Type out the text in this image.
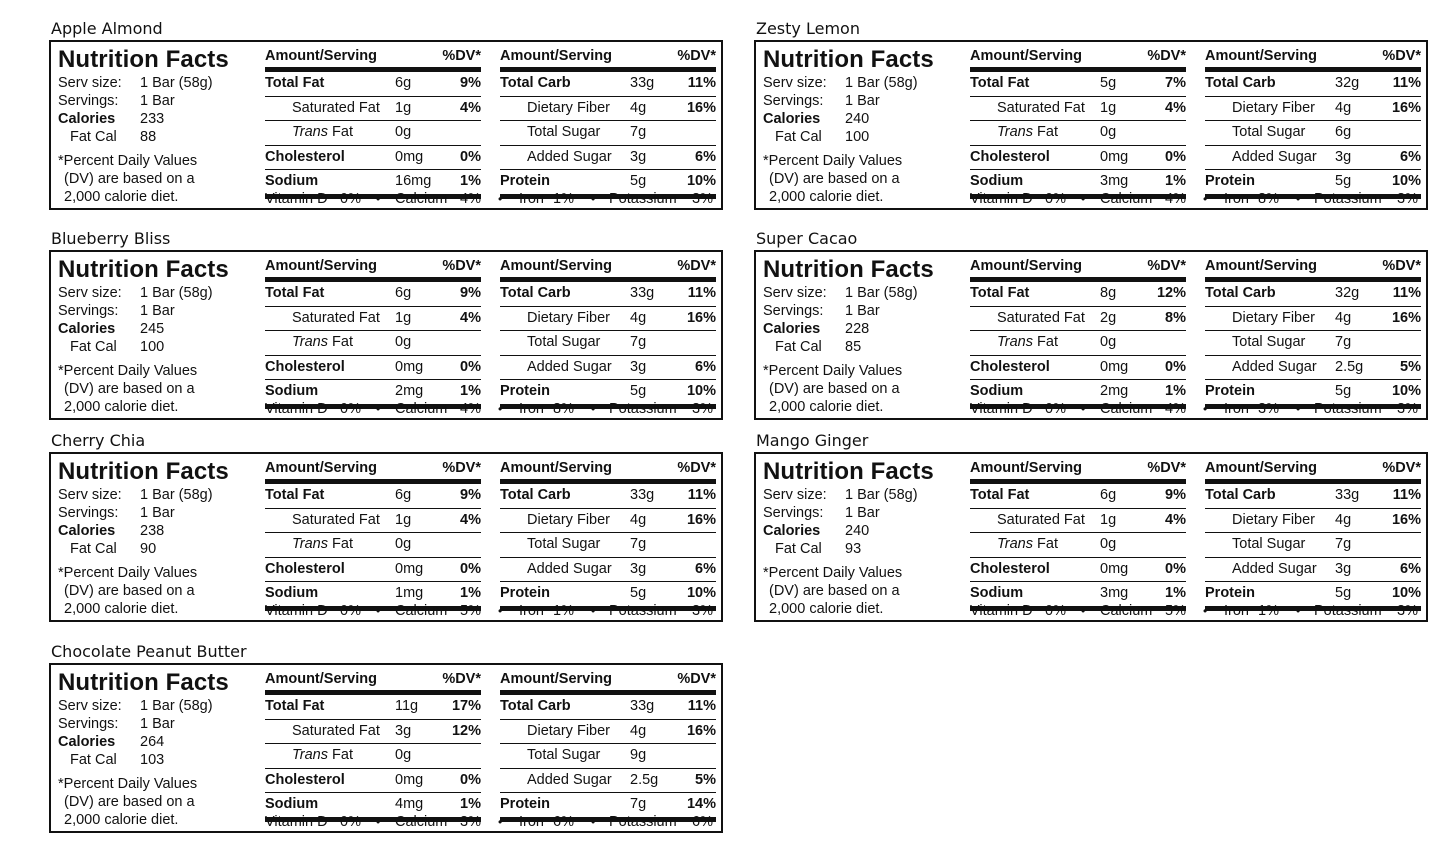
Apple Almond
Nutrition Facts
Serv size: 1 Bar (58g)
Servings: 1 Bar
Calories 233
Fat Cal 88
*Percent Daily Values
(DV) are based on a
2,000 calorie diet.
Amount/Serving	%DV*
Total Fat	6g	9%
Saturated Fat 1g	4%
Trans Fat	0g
Cholesterol	0mg	0%
Sodium	16mg 1%
Amount/Serving	%DV*
Total Carb	33g 11%
Dietary Fiber 4g	16%
Total Sugar 7g
Added Sugar 3g	6%
Protein	5g	10%
Vitamin D 0% • Calcium 4% • Iron 1% • Potassium 3%
Zesty Lemon
Nutrition Facts
Serv size: 1 Bar (58g)
Servings: 1 Bar
Calories 240
Fat Cal 100
*Percent Daily Values
(DV) are based on a
2,000 calorie diet.
Amount/Serving	%DV*
Total Fat	5g	7%
Saturated Fat 1g	4%
Trans Fat	0g
Cholesterol	0mg	0%
Sodium	3mg	1%
Amount/Serving	%DV*
Total Carb	32g 11%
Dietary Fiber 4g	16%
Total Sugar 6g
Added Sugar 3g	6%
Protein	5g	10%
Vitamin D 0% • Calcium 4% • Iron 8% • Potassium 3%
Blueberry Bliss
Nutrition Facts
Serv size: 1 Bar (58g)
Servings: 1 Bar
Calories 245
Fat Cal 100
*Percent Daily Values
(DV) are based on a
2,000 calorie diet.
Amount/Serving	%DV*
Total Fat	6g	9%
Saturated Fat 1g	4%
Trans Fat	0g
Cholesterol	0mg	0%
Sodium	2mg	1%
Amount/Serving	%DV*
Total Carb	33g 11%
Dietary Fiber 4g	16%
Total Sugar 7g
Added Sugar 3g	6%
Protein	5g	10%
Vitamin D 0% • Calcium 4% • Iron 8% • Potassium 3%
Super Cacao
Nutrition Facts
Serv size: 1 Bar (58g)
Servings: 1 Bar
Calories 228
Fat Cal 85
*Percent Daily Values
(DV) are based on a
2,000 calorie diet.
Amount/Serving	%DV*
Total Fat	8g	12%
Saturated Fat 2g	8%
Trans Fat	0g
Cholesterol	0mg	0%
Sodium	2mg	1%
Amount/Serving	%DV*
Total Carb	32g 11%
Dietary Fiber 4g	16%
Total Sugar 7g
Added Sugar 2.5g	5%
Protein	5g	10%
Vitamin D 0% • Calcium 4% • Iron 3% • Potassium 3%
Cherry Chia
Nutrition Facts
Serv size: 1 Bar (58g)
Servings: 1 Bar
Calories 238
Fat Cal 90
*Percent Daily Values
(DV) are based on a
2,000 calorie diet.
Amount/Serving	%DV*
Total Fat	6g	9%
Saturated Fat 1g	4%
Trans Fat	0g
Cholesterol	0mg	0%
Sodium	1mg	1%
Amount/Serving	%DV*
Total Carb	33g 11%
Dietary Fiber 4g	16%
Total Sugar 7g
Added Sugar 3g	6%
Protein	5g	10%
Vitamin D 0% • Calcium 5% • Iron 1% • Potassium 3%
Mango Ginger
Nutrition Facts
Serv size: 1 Bar (58g)
Servings: 1 Bar
Calories 240
Fat Cal 93
*Percent Daily Values
(DV) are based on a
2,000 calorie diet.
Amount/Serving	%DV*
Total Fat	6g	9%
Saturated Fat 1g	4%
Trans Fat	0g
Cholesterol	0mg	0%
Sodium	3mg	1%
Amount/Serving	%DV*
Total Carb	33g 11%
Dietary Fiber 4g	16%
Total Sugar 7g
Added Sugar 3g	6%
Protein	5g	10%
Vitamin D 0% • Calcium 5% • Iron 1% • Potassium 3%
Chocolate Peanut Butter
Nutrition Facts
Serv size: 1 Bar (58g)
Servings: 1 Bar
Calories 264
Fat Cal 103
*Percent Daily Values
(DV) are based on a
2,000 calorie diet.
Amount/Serving	%DV*
Total Fat	11g 17%
Saturated Fat 3g	12%
Trans Fat	0g
Cholesterol	0mg	0%
Sodium	4mg	1%
Amount/Serving	%DV*
Total Carb	33g 11%
Dietary Fiber 4g	16%
Total Sugar 9g
Added Sugar 2.5g	5%
Protein	7g	14%
Vitamin D 0% • Calcium 3% • Iron 6% • Potassium 6%
